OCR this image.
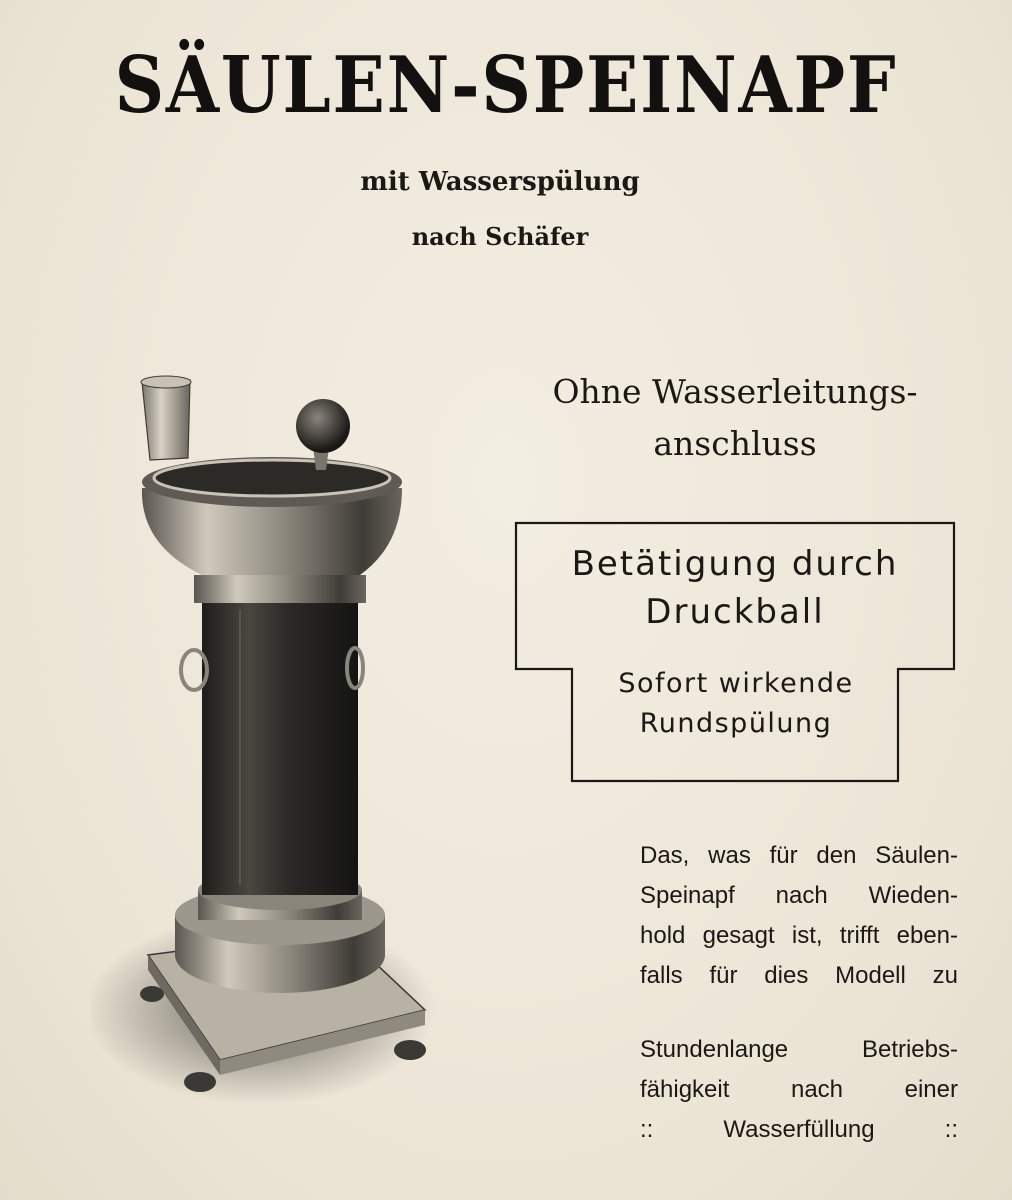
SÄULEN-SPEINAPF
mit Wasserspülung
nach Schäfer
Ohne Wasserleitungs-
anschluss
Betätigung durch
Druckball
Sofort wirkende
Rundspülung
Das, was für den Säulen-
Speinapf nach Wieden-
hold gesagt ist, trifft eben-
falls für dies Modell zu
Stundenlange Betriebs-
fähigkeit nach einer
:: Wasserfüllung ::
